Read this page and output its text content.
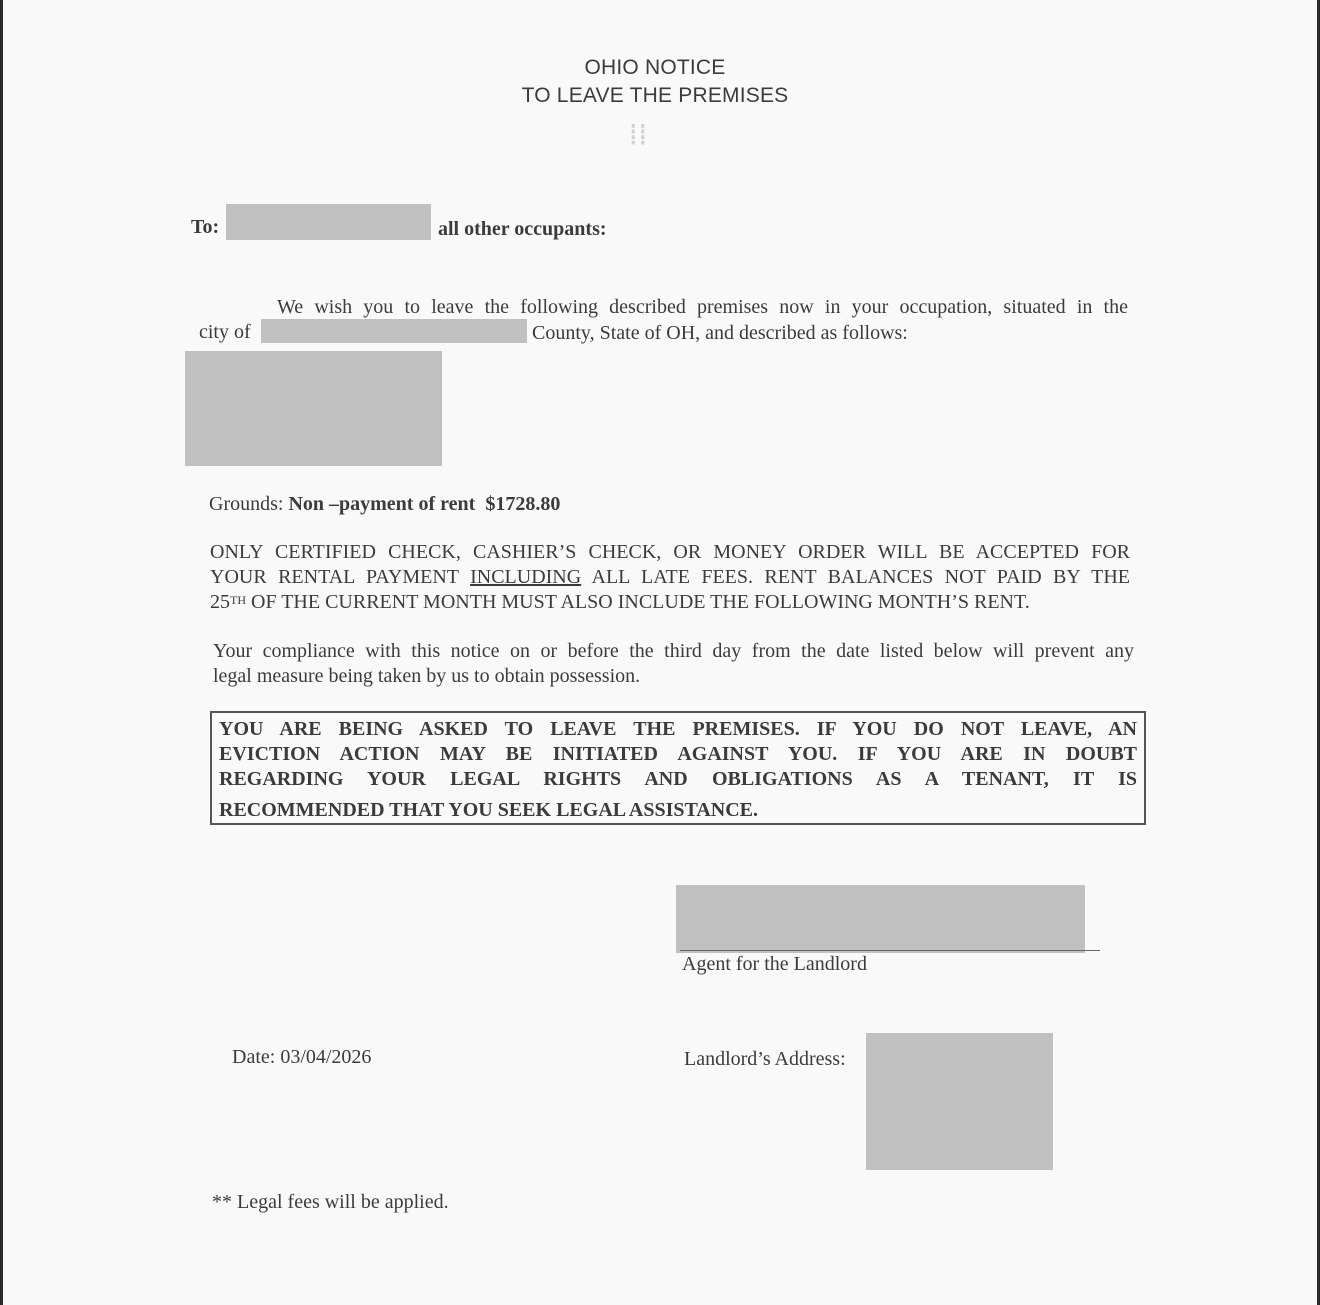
OHIO NOTICE
TO LEAVE THE PREMISES
⁞⁞
To:	all other occupants:
We wish you to leave the following described premises now in your occupation, situated in the
city of	County, State of OH, and described as follows:
Grounds: Non –payment of rent $1728.80
ONLY CERTIFIED CHECK, CASHIER’S CHECK, OR MONEY ORDER WILL BE ACCEPTED FOR
YOUR RENTAL PAYMENT INCLUDING ALL LATE FEES. RENT BALANCES NOT PAID BY THE
25TH OF THE CURRENT MONTH MUST ALSO INCLUDE THE FOLLOWING MONTH’S RENT.
Your compliance with this notice on or before the third day from the date listed below will prevent any
legal measure being taken by us to obtain possession.
YOU ARE BEING ASKED TO LEAVE THE PREMISES. IF YOU DO NOT LEAVE, AN
EVICTION ACTION MAY BE INITIATED AGAINST YOU. IF YOU ARE IN DOUBT
REGARDING YOUR LEGAL RIGHTS AND OBLIGATIONS AS A TENANT, IT IS
RECOMMENDED THAT YOU SEEK LEGAL ASSISTANCE.
Agent for the Landlord
Date: 03/04/2026	Landlord’s Address:
** Legal fees will be applied.
